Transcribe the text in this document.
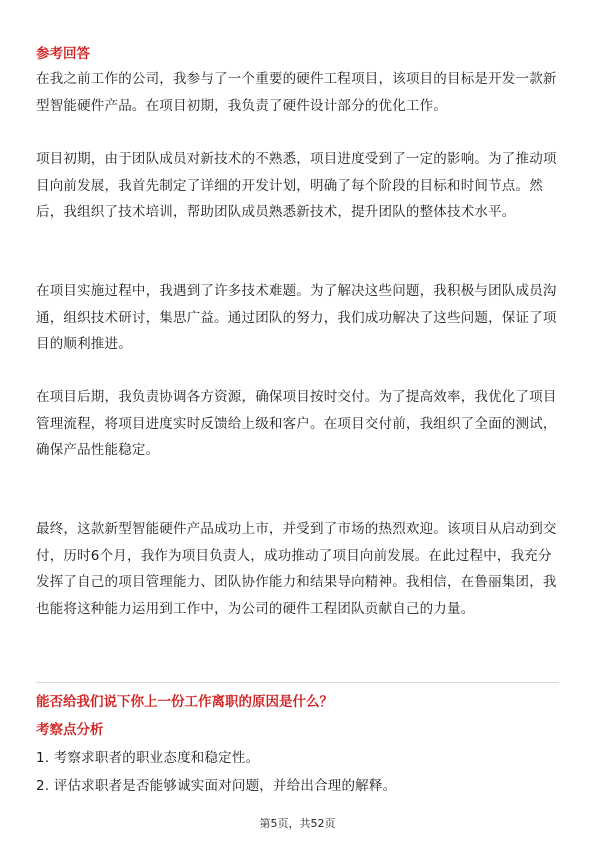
参考回答

在我之前工作的公司，我参与了一个重要的硬件工程项目，该项目的目标是开发一款新型智能硬件产品。在项目初期，我负责了硬件设计部分的优化工作。

项目初期，由于团队成员对新技术的不熟悉，项目进度受到了一定的影响。为了推动项目向前发展，我首先制定了详细的开发计划，明确了每个阶段的目标和时间节点。然后，我组织了技术培训，帮助团队成员熟悉新技术，提升团队的整体技术水平。

在项目实施过程中，我遇到了许多技术难题。为了解决这些问题，我积极与团队成员沟通，组织技术研讨，集思广益。通过团队的努力，我们成功解决了这些问题，保证了项目的顺利推进。

在项目后期，我负责协调各方资源，确保项目按时交付。为了提高效率，我优化了项目管理流程，将项目进度实时反馈给上级和客户。在项目交付前，我组织了全面的测试，确保产品性能稳定。

最终，这款新型智能硬件产品成功上市，并受到了市场的热烈欢迎。该项目从启动到交付，历时6个月，我作为项目负责人，成功推动了项目向前发展。在此过程中，我充分发挥了自己的项目管理能力、团队协作能力和结果导向精神。我相信，在鲁丽集团，我也能将这种能力运用到工作中，为公司的硬件工程团队贡献自己的力量。

能否给我们说下你上一份工作离职的原因是什么？
考察点分析
1. 考察求职者的职业态度和稳定性。
2. 评估求职者是否能够诚实面对问题，并给出合理的解释。
第5页，共52页
